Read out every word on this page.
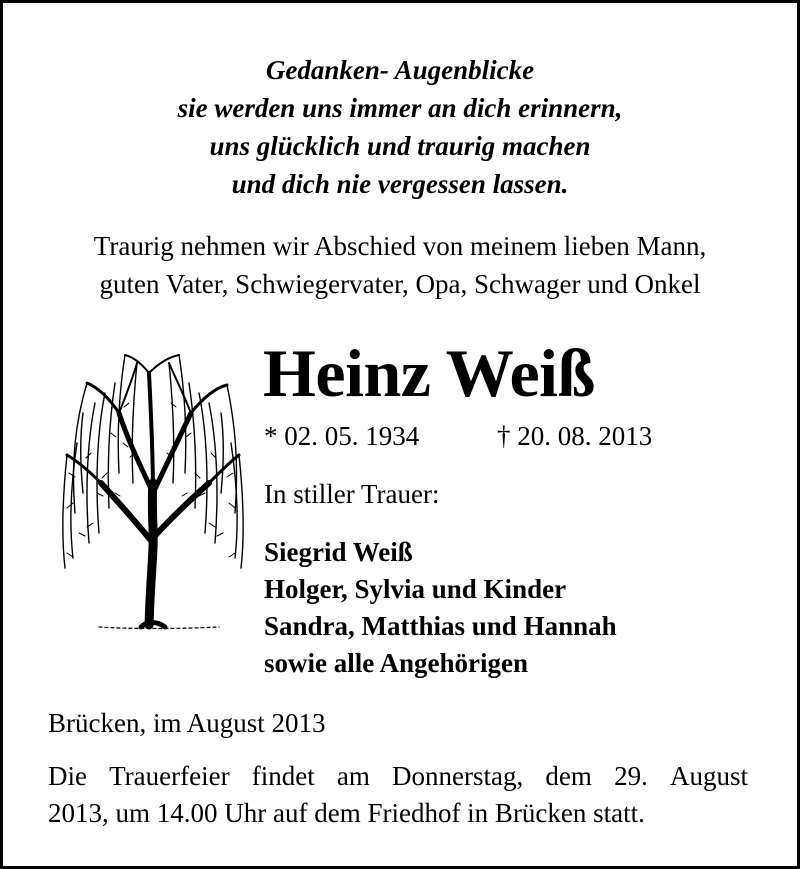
Gedanken- Augenblicke
sie werden uns immer an dich erinnern,
uns glücklich und traurig machen
und dich nie vergessen lassen.
Traurig nehmen wir Abschied von meinem lieben Mann,
guten Vater, Schwiegervater, Opa, Schwager und Onkel
Heinz Weiß
* 02. 05. 1934	† 20. 08. 2013
In stiller Trauer:
Siegrid Weiß
Holger, Sylvia und Kinder
Sandra, Matthias und Hannah
sowie alle Angehörigen
Brücken, im August 2013
Die Trauerfeier findet am Donnerstag, dem 29. August
2013, um 14.00 Uhr auf dem Friedhof in Brücken statt.
